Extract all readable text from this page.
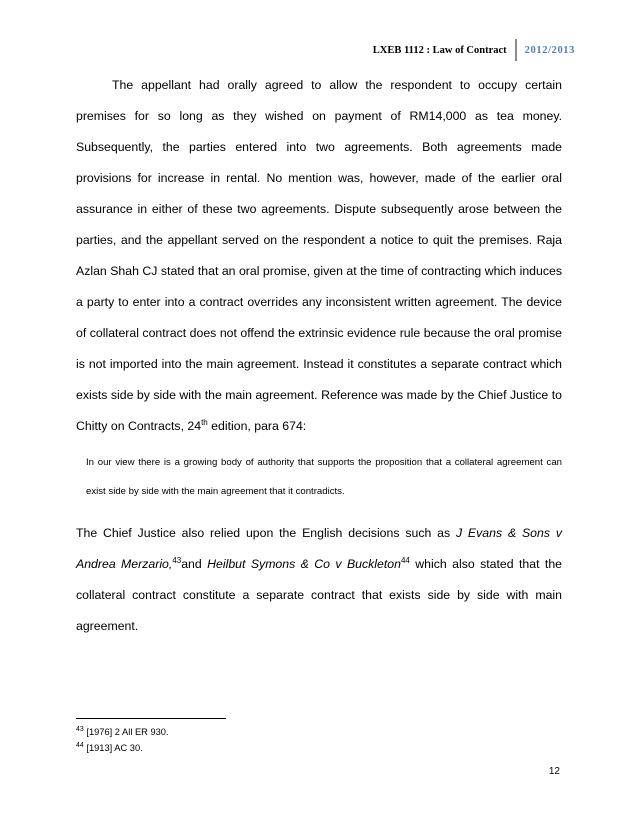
LXEB 1112 : Law of Contract	2012/2013

The appellant had orally agreed to allow the respondent to occupy certain premises for so long as they wished on payment of RM14,000 as tea money. Subsequently, the parties entered into two agreements. Both agreements made provisions for increase in rental. No mention was, however, made of the earlier oral assurance in either of these two agreements. Dispute subsequently arose between the parties, and the appellant served on the respondent a notice to quit the premises. Raja Azlan Shah CJ stated that an oral promise, given at the time of contracting which induces a party to enter into a contract overrides any inconsistent written agreement. The device of collateral contract does not offend the extrinsic evidence rule because the oral promise is not imported into the main agreement. Instead it constitutes a separate contract which exists side by side with the main agreement. Reference was made by the Chief Justice to Chitty on Contracts, 24th edition, para 674:

In our view there is a growing body of authority that supports the proposition that a collateral agreement can exist side by side with the main agreement that it contradicts.

The Chief Justice also relied upon the English decisions such as J Evans & Sons v Andrea Merzario,$^{43}$and Heilbut Symons & Co v Buckleton$^{44}$ which also stated that the collateral contract constitute a separate contract that exists side by side with main agreement.

$^{43}$ [1976] 2 All ER 930.
$^{44}$ [1913] AC 30.
12
